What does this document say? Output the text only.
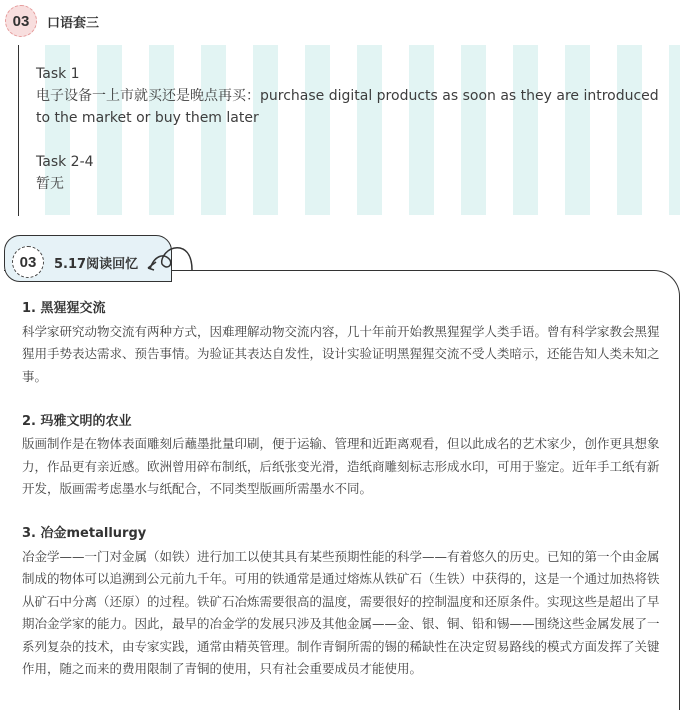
03	口语套三
Task 1
电子设备一上市就买还是晚点再买：purchase digital products as soon as they are introduced to the market or buy them later
Task 2-4
暂无
03	5.17阅读回忆
1. 黑猩猩交流

科学家研究动物交流有两种方式，因难理解动物交流内容，几十年前开始教黑猩猩学人类手语。曾有科学家教会黑猩猩用手势表达需求、预告事情。为验证其表达自发性，设计实验证明黑猩猩交流不受人类暗示，还能告知人类未知之事。

2. 玛雅文明的农业

版画制作是在物体表面雕刻后蘸墨批量印刷，便于运输、管理和近距离观看，但以此成名的艺术家少，创作更具想象力，作品更有亲近感。欧洲曾用碎布制纸，后纸张变光滑，造纸商雕刻标志形成水印，可用于鉴定。近年手工纸有新开发，版画需考虑墨水与纸配合，不同类型版画所需墨水不同。

3. 冶金metallurgy

冶金学——一门对金属（如铁）进行加工以使其具有某些预期性能的科学——有着悠久的历史。已知的第一个由金属制成的物体可以追溯到公元前九千年。可用的铁通常是通过熔炼从铁矿石（生铁）中获得的，这是一个通过加热将铁从矿石中分离（还原）的过程。铁矿石冶炼需要很高的温度，需要很好的控制温度和还原条件。实现这些是超出了早期冶金学家的能力。因此，最早的冶金学的发展只涉及其他金属——金、银、铜、铅和锡——围绕这些金属发展了一系列复杂的技术，由专家实践，通常由精英管理。制作青铜所需的锡的稀缺性在决定贸易路线的模式方面发挥了关键作用，随之而来的费用限制了青铜的使用，只有社会重要成员才能使用。
